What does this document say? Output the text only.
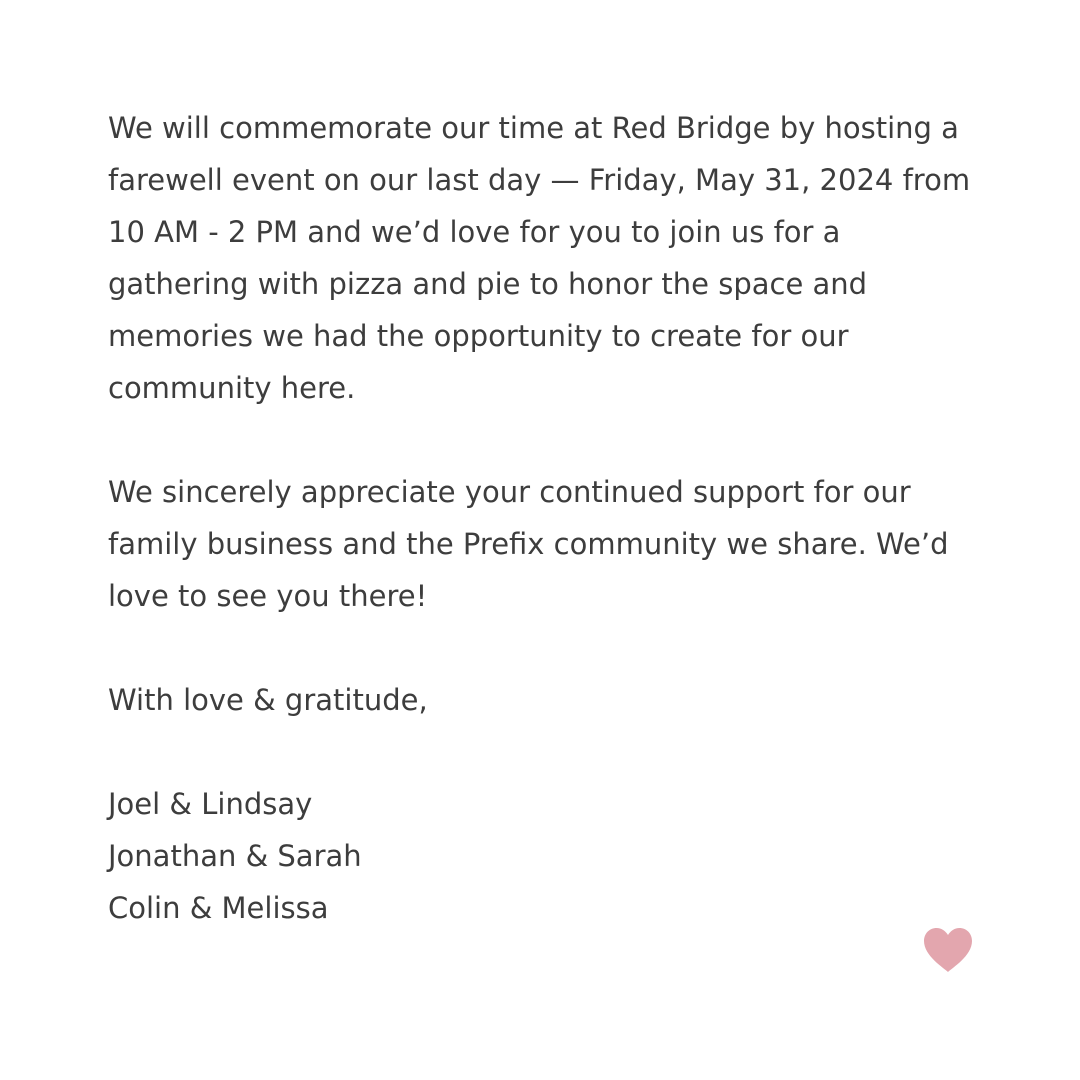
We will commemorate our time at Red Bridge by hosting a
farewell event on our last day — Friday, May 31, 2024 from
10 AM - 2 PM and we’d love for you to join us for a
gathering with pizza and pie to honor the space and
memories we had the opportunity to create for our
community here.
We sincerely appreciate your continued support for our
family business and the Prefix community we share. We’d
love to see you there!
With love & gratitude,
Joel & Lindsay
Jonathan & Sarah
Colin & Melissa
